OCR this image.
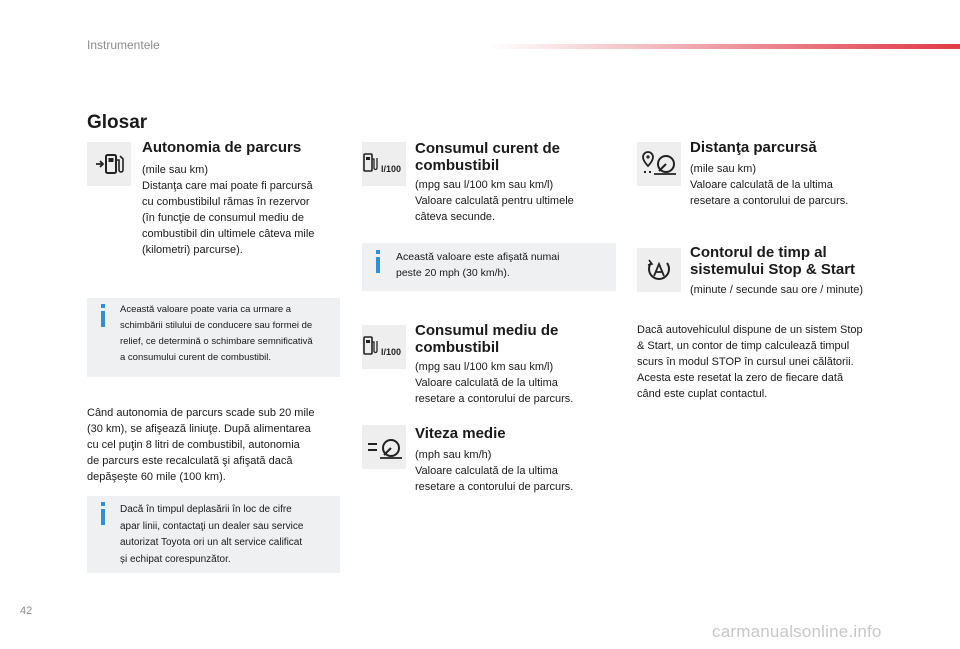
Instrumentele
Glosar
Autonomia de parcurs
(mile sau km)
Distanţa care mai poate fi parcursă
cu combustibilul rămas în rezervor
(în funcţie de consumul mediu de
combustibil din ultimele câteva mile
(kilometri) parcurse).
Această valoare poate varia ca urmare a
schimbării stilului de conducere sau formei de
relief, ce determină o schimbare semnificativă
a consumului curent de combustibil.
Când autonomia de parcurs scade sub 20 mile
(30 km), se afişează liniuţe. După alimentarea
cu cel puţin 8 litri de combustibil, autonomia
de parcurs este recalculată şi afişată dacă
depăşeşte 60 mile (100 km).
Dacă în timpul deplasării în loc de cifre
apar linii, contactaţi un dealer sau service
autorizat Toyota ori un alt service calificat
și echipat corespunzător.
l/100
Consumul curent de
combustibil
(mpg sau l/100 km sau km/l)
Valoare calculată pentru ultimele
câteva secunde.
Această valoare este afişată numai
peste 20 mph (30 km/h).
l/100
Consumul mediu de
combustibil
(mpg sau l/100 km sau km/l)
Valoare calculată de la ultima
resetare a contorului de parcurs.
Viteza medie
(mph sau km/h)
Valoare calculată de la ultima
resetare a contorului de parcurs.
Distanţa parcursă
(mile sau km)
Valoare calculată de la ultima
resetare a contorului de parcurs.
Contorul de timp al
sistemului Stop & Start
(minute / secunde sau ore / minute)
Dacă autovehiculul dispune de un sistem Stop
& Start, un contor de timp calculează timpul
scurs în modul STOP în cursul unei călătorii.
Acesta este resetat la zero de fiecare dată
când este cuplat contactul.
42
carmanualsonline.info
